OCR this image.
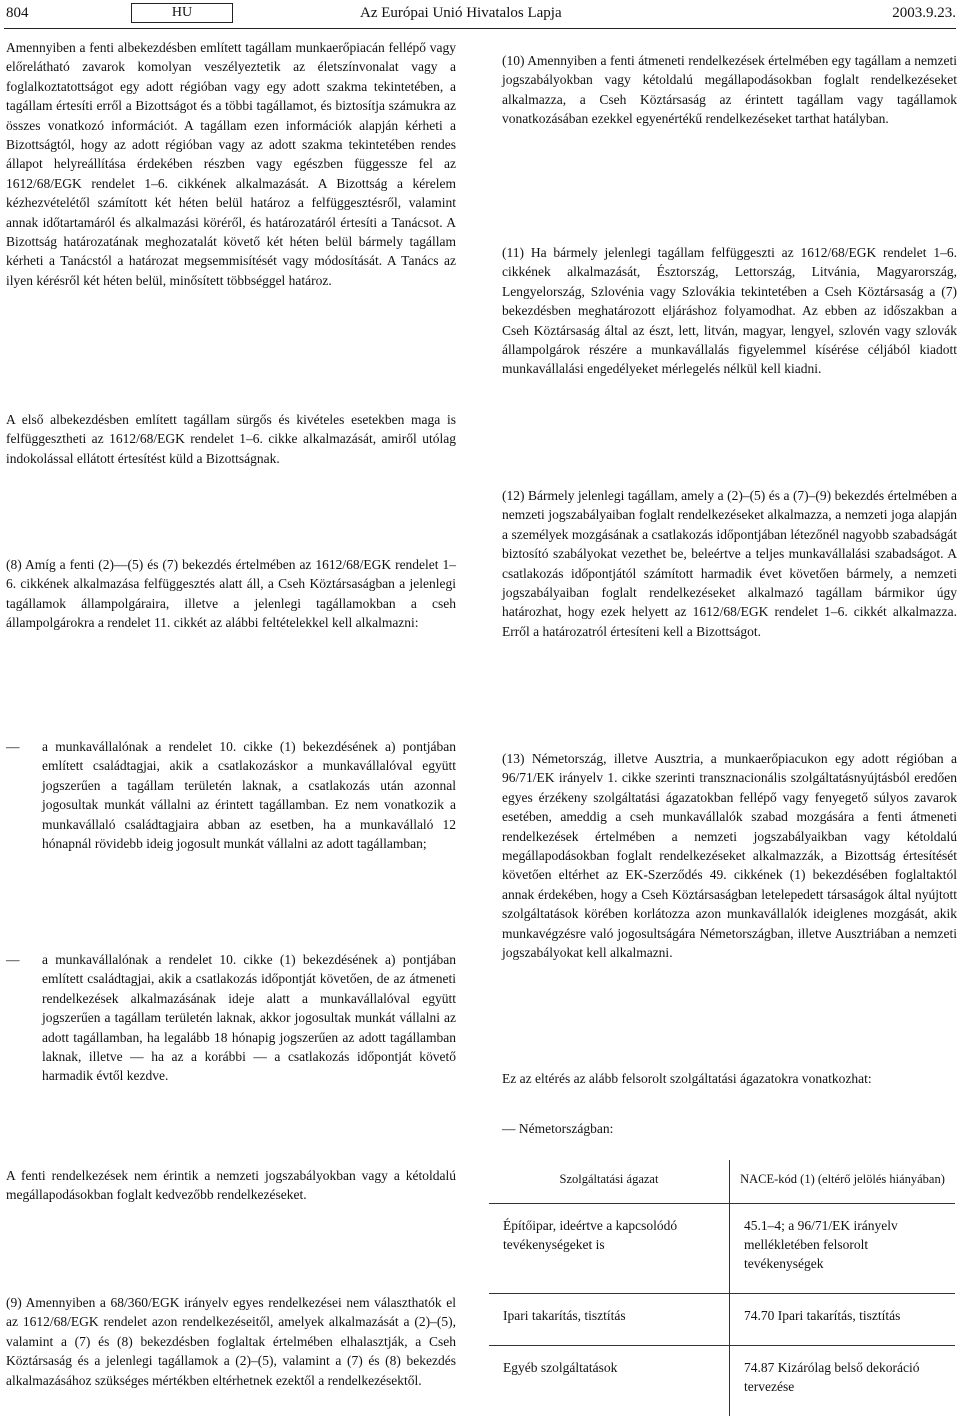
804	HU	Az Európai Unió Hivatalos Lapja	2003.9.23.

Amennyiben a fenti albekezdésben említett tagállam munkaerőpiacán fellépő vagy előrelátható zavarok komolyan veszélyeztetik az életszínvonalat vagy a foglalkoztatottságot egy adott régióban vagy egy adott szakma tekintetében, a tagállam értesíti erről a Bizottságot és a többi tagállamot, és biztosítja számukra az összes vonatkozó információt. A tagállam ezen információk alapján kérheti a Bizottságtól, hogy az adott régióban vagy az adott szakma tekintetében rendes állapot helyreállítása érdekében részben vagy egészben függessze fel az 1612/68/EGK rendelet 1–6. cikkének alkalmazását. A Bizottság a kérelem kézhezvételétől számított két héten belül határoz a felfüggesztésről, valamint annak időtartamáról és alkalmazási köréről, és határozatáról értesíti a Tanácsot. A Bizottság határozatának meghozatalát követő két héten belül bármely tagállam kérheti a Tanácstól a határozat megsemmisítését vagy módosítását. A Tanács az ilyen kérésről két héten belül, minősített többséggel határoz.

A első albekezdésben említett tagállam sürgős és kivételes esetekben maga is felfüggesztheti az 1612/68/EGK rendelet 1–6. cikke alkalmazását, amiről utólag indokolással ellátott értesítést küld a Bizottságnak.

(8) Amíg a fenti (2)—(5) és (7) bekezdés értelmében az 1612/68/EGK rendelet 1–6. cikkének alkalmazása felfüggesztés alatt áll, a Cseh Köztársaságban a jelenlegi tagállamok állampolgáraira, illetve a jelenlegi tagállamokban a cseh állampolgárokra a rendelet 11. cikkét az alábbi feltételekkel kell alkalmazni:

— a munkavállalónak a rendelet 10. cikke (1) bekezdésének a) pontjában említett családtagjai, akik a csatlakozáskor a munkavállalóval együtt jogszerűen a tagállam területén laknak, a csatlakozás után azonnal jogosultak munkát vállalni az érintett tagállamban. Ez nem vonatkozik a munkavállaló családtagjaira abban az esetben, ha a munkavállaló 12 hónapnál rövidebb ideig jogosult munkát vállalni az adott tagállamban;
— a munkavállalónak a rendelet 10. cikke (1) bekezdésének a) pontjában említett családtagjai, akik a csatlakozás időpontját követően, de az átmeneti rendelkezések alkalmazásának ideje alatt a munkavállalóval együtt jogszerűen a tagállam területén laknak, akkor jogosultak munkát vállalni az adott tagállamban, ha legalább 18 hónapig jogszerűen az adott tagállamban laknak, illetve — ha az a korábbi — a csatlakozás időpontját követő harmadik évtől kezdve.

A fenti rendelkezések nem érintik a nemzeti jogszabályokban vagy a kétoldalú megállapodásokban foglalt kedvezőbb rendelkezéseket.

(9) Amennyiben a 68/360/EGK irányelv egyes rendelkezései nem választhatók el az 1612/68/EGK rendelet azon rendelkezéseitől, amelyek alkalmazását a (2)–(5), valamint a (7) és (8) bekezdésben foglaltak értelmében elhalasztják, a Cseh Köztársaság és a jelenlegi tagállamok a (2)–(5), valamint a (7) és (8) bekezdés alkalmazásához szükséges mértékben eltérhetnek ezektől a rendelkezésektől.

(10) Amennyiben a fenti átmeneti rendelkezések értelmében egy tagállam a nemzeti jogszabályokban vagy kétoldalú megállapodásokban foglalt rendelkezéseket alkalmazza, a Cseh Köztársaság az érintett tagállam vagy tagállamok vonatkozásában ezekkel egyenértékű rendelkezéseket tarthat hatályban.

(11) Ha bármely jelenlegi tagállam felfüggeszti az 1612/68/EGK rendelet 1–6. cikkének alkalmazását, Észtország, Lettország, Litvánia, Magyarország, Lengyelország, Szlovénia vagy Szlovákia tekintetében a Cseh Köztársaság a (7) bekezdésben meghatározott eljáráshoz folyamodhat. Az ebben az időszakban a Cseh Köztársaság által az észt, lett, litván, magyar, lengyel, szlovén vagy szlovák állampolgárok részére a munkavállalás figyelemmel kísérése céljából kiadott munkavállalási engedélyeket mérlegelés nélkül kell kiadni.

(12) Bármely jelenlegi tagállam, amely a (2)–(5) és a (7)–(9) bekezdés értelmében a nemzeti jogszabályaiban foglalt rendelkezéseket alkalmazza, a nemzeti joga alapján a személyek mozgásának a csatlakozás időpontjában létezőnél nagyobb szabadságát biztosító szabályokat vezethet be, beleértve a teljes munkavállalási szabadságot. A csatlakozás időpontjától számított harmadik évet követően bármely, a nemzeti jogszabályaiban foglalt rendelkezéseket alkalmazó tagállam bármikor úgy határozhat, hogy ezek helyett az 1612/68/EGK rendelet 1–6. cikkét alkalmazza. Erről a határozatról értesíteni kell a Bizottságot.

(13) Németország, illetve Ausztria, a munkaerőpiacukon egy adott régióban a 96/71/EK irányelv 1. cikke szerinti transznacionális szolgáltatásnyújtásból eredően egyes érzékeny szolgáltatási ágazatokban fellépő vagy fenyegető súlyos zavarok esetében, ameddig a cseh munkavállalók szabad mozgására a fenti átmeneti rendelkezések értelmében a nemzeti jogszabályaikban vagy kétoldalú megállapodásokban foglalt rendelkezéseket alkalmazzák, a Bizottság értesítését követően eltérhet az EK-Szerződés 49. cikkének (1) bekezdésében foglaltaktól annak érdekében, hogy a Cseh Köztársaságban letelepedett társaságok által nyújtott szolgáltatások körében korlátozza azon munkavállalók ideiglenes mozgását, akik munkavégzésre való jogosultságára Németországban, illetve Ausztriában a nemzeti jogszabályokat kell alkalmazni.

Ez az eltérés az alább felsorolt szolgáltatási ágazatokra vonatkozhat:

— Németországban:

Szolgáltatási ágazat	NACE-kód (1) (eltérő jelölés hiányában)
Építőipar, ideértve a kapcsolódó tevékenységeket is	45.1–4; a 96/71/EK irányelv mellékletében felsorolt tevékenységek
Ipari takarítás, tisztítás	74.70 Ipari takarítás, tisztítás
Egyéb szolgáltatások	74.87 Kizárólag belső dekoráció tervezése
